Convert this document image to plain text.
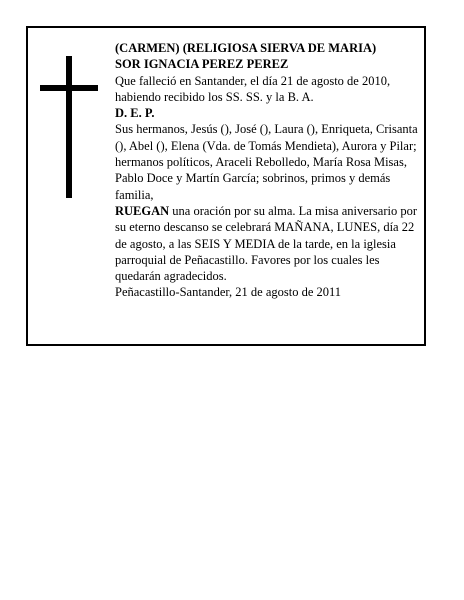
(CARMEN) (RELIGIOSA SIERVA DE MARIA)

SOR IGNACIA PEREZ PEREZ

Que falleció en Santander, el día 21 de agosto de 2010, habiendo recibido los SS. SS. y la B. A.

D. E. P.

Sus hermanos, Jesús (), José (), Laura (), Enriqueta, Crisanta (), Abel (), Elena (Vda. de Tomás Mendieta), Aurora y Pilar; hermanos políticos, Araceli Rebolledo, María Rosa Misas, Pablo Doce y Martín García; sobrinos, primos y demás familia,

RUEGAN una oración por su alma. La misa aniversario por su eterno descanso se celebrará MAÑANA, LUNES, día 22 de agosto, a las SEIS Y MEDIA de la tarde, en la iglesia parroquial de Peñacastillo. Favores por los cuales les quedarán agradecidos.

Peñacastillo-Santander, 21 de agosto de 2011
